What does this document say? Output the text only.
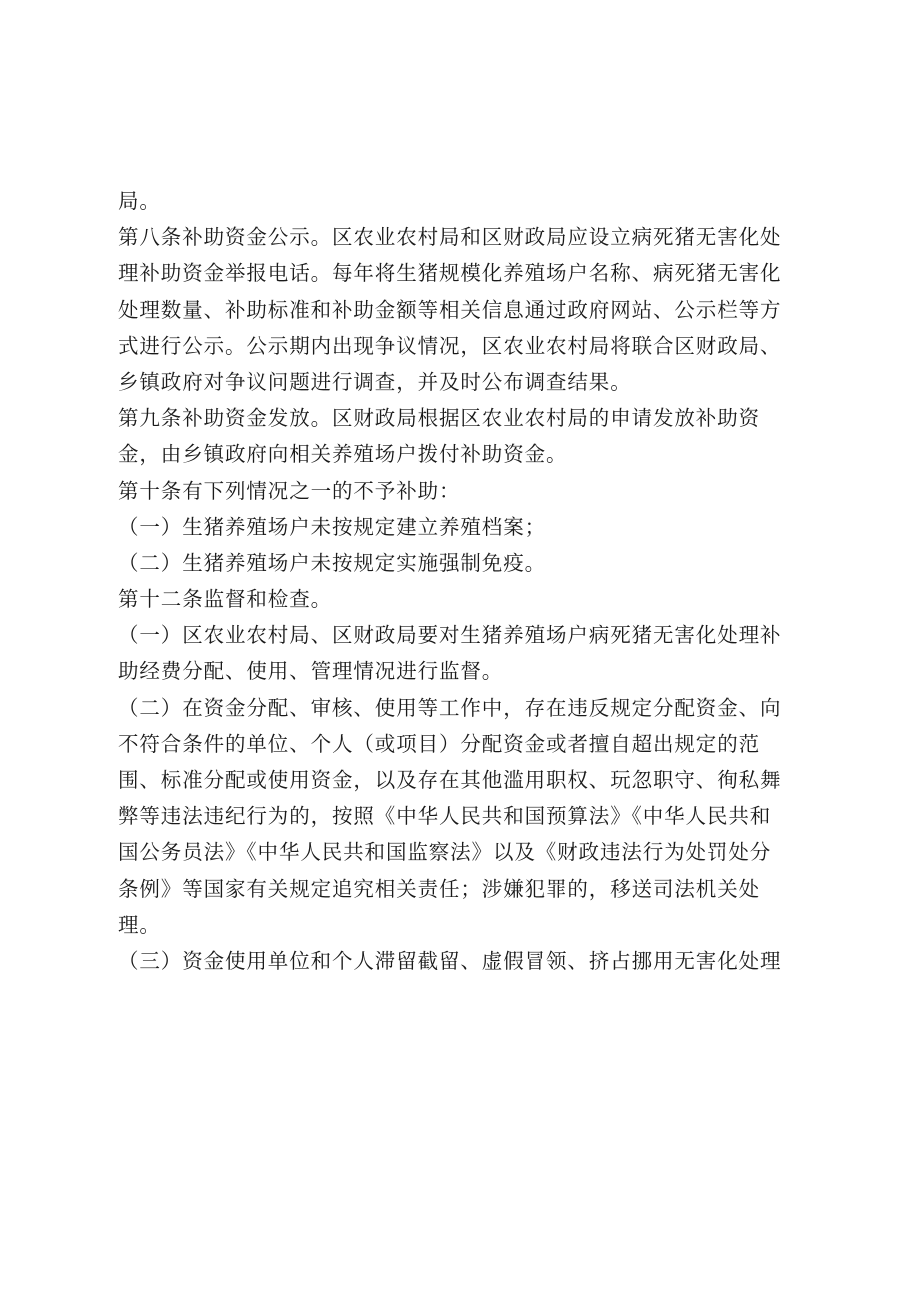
局。
第八条补助资金公示。区农业农村局和区财政局应设立病死猪无害化处
理补助资金举报电话。每年将生猪规模化养殖场户名称、病死猪无害化
处理数量、补助标准和补助金额等相关信息通过政府网站、公示栏等方
式进行公示。公示期内出现争议情况，区农业农村局将联合区财政局、
乡镇政府对争议问题进行调查，并及时公布调查结果。
第九条补助资金发放。区财政局根据区农业农村局的申请发放补助资
金，由乡镇政府向相关养殖场户拨付补助资金。
第十条有下列情况之一的不予补助：
（一）生猪养殖场户未按规定建立养殖档案；
（二）生猪养殖场户未按规定实施强制免疫。
第十二条监督和检查。
（一）区农业农村局、区财政局要对生猪养殖场户病死猪无害化处理补
助经费分配、使用、管理情况进行监督。
（二）在资金分配、审核、使用等工作中，存在违反规定分配资金、向
不符合条件的单位、个人（或项目）分配资金或者擅自超出规定的范
围、标准分配或使用资金，以及存在其他滥用职权、玩忽职守、徇私舞
弊等违法违纪行为的，按照《中华人民共和国预算法》《中华人民共和
国公务员法》《中华人民共和国监察法》以及《财政违法行为处罚处分
条例》等国家有关规定追究相关责任；涉嫌犯罪的，移送司法机关处
理。
（三）资金使用单位和个人滞留截留、虚假冒领、挤占挪用无害化处理
